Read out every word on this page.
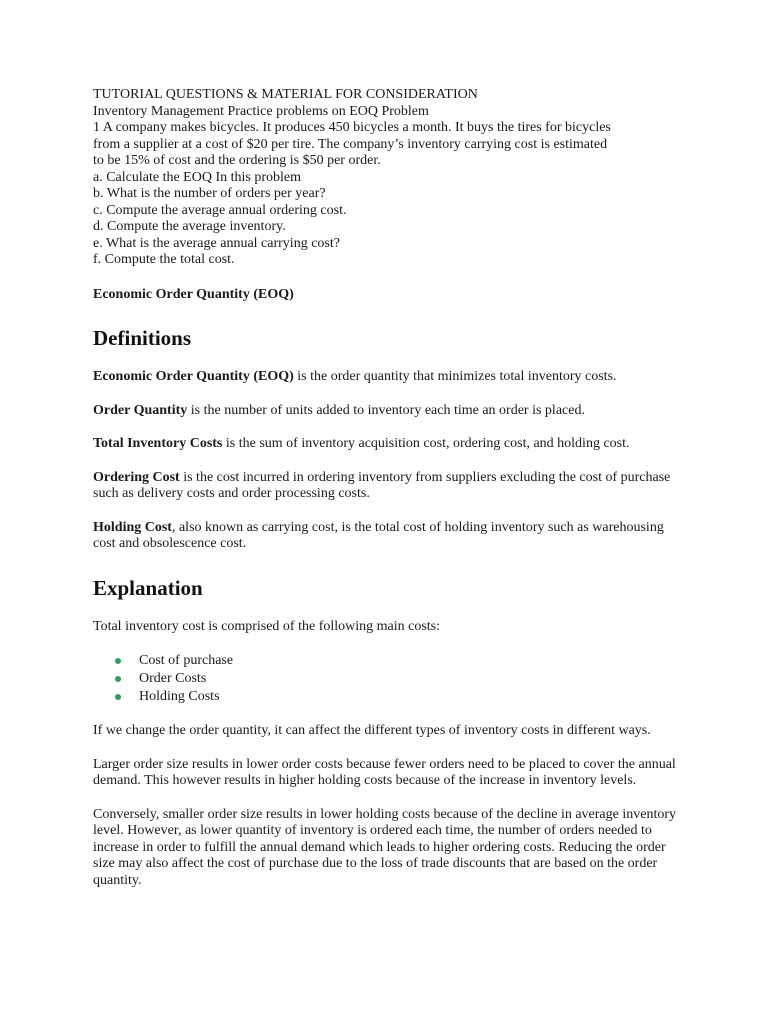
TUTORIAL QUESTIONS & MATERIAL FOR CONSIDERATION
Inventory Management Practice problems on EOQ Problem
1 A company makes bicycles. It produces 450 bicycles a month. It buys the tires for bicycles
from a supplier at a cost of $20 per tire. The company’s inventory carrying cost is estimated
to be 15% of cost and the ordering is $50 per order.
a. Calculate the EOQ In this problem
b. What is the number of orders per year?
c. Compute the average annual ordering cost.
d. Compute the average inventory.
e. What is the average annual carrying cost?
f. Compute the total cost.
Economic Order Quantity (EOQ)
Definitions

Economic Order Quantity (EOQ) is the order quantity that minimizes total inventory costs.

Order Quantity is the number of units added to inventory each time an order is placed.

Total Inventory Costs is the sum of inventory acquisition cost, ordering cost, and holding cost.

Ordering Cost is the cost incurred in ordering inventory from suppliers excluding the cost of purchase such as delivery costs and order processing costs.

Holding Cost, also known as carrying cost, is the total cost of holding inventory such as warehousing cost and obsolescence cost.

Explanation

Total inventory cost is comprised of the following main costs:

Cost of purchase
Order Costs
Holding Costs

If we change the order quantity, it can affect the different types of inventory costs in different ways.

Larger order size results in lower order costs because fewer orders need to be placed to cover the annual demand. This however results in higher holding costs because of the increase in inventory levels.

Conversely, smaller order size results in lower holding costs because of the decline in average inventory level. However, as lower quantity of inventory is ordered each time, the number of orders needed to increase in order to fulfill the annual demand which leads to higher ordering costs. Reducing the order size may also affect the cost of purchase due to the loss of trade discounts that are based on the order quantity.
